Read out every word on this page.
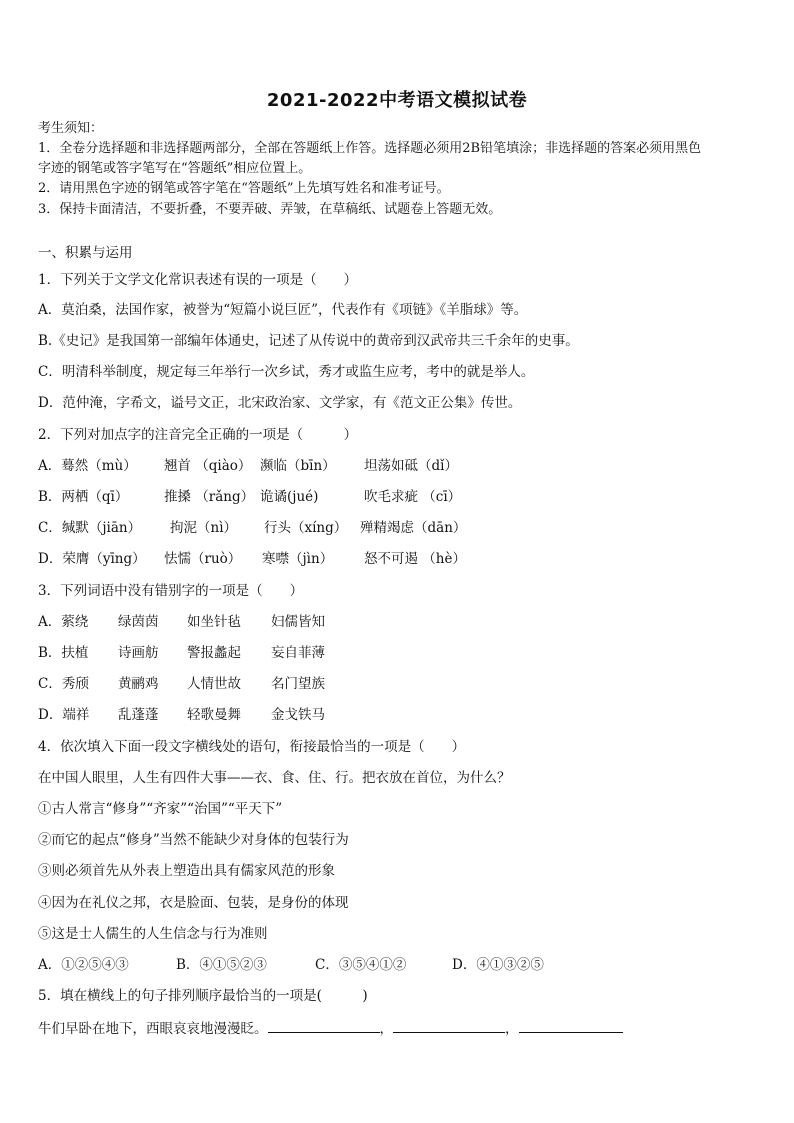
2021-2022中考语文模拟试卷
考生须知：
1．全卷分选择题和非选择题两部分，全部在答题纸上作答。选择题必须用2B铅笔填涂；非选择题的答案必须用黑色
字迹的钢笔或答字笔写在“答题纸”相应位置上。
2．请用黑色字迹的钢笔或答字笔在“答题纸”上先填写姓名和准考证号。
3．保持卡面清洁，不要折叠，不要弄破、弄皱，在草稿纸、试题卷上答题无效。
一、积累与运用
1．下列关于文学文化常识表述有误的一项是（　　）
A．莫泊桑，法国作家，被誉为“短篇小说巨匠”，代表作有《项链》《羊脂球》等。
B.《史记》是我国第一部编年体通史，记述了从传说中的黄帝到汉武帝共三千余年的史事。
C．明清科举制度，规定每三年举行一次乡试，秀才或监生应考，考中的就是举人。
D．范仲淹，字希文，谥号文正，北宋政治家、文学家，有《范文正公集》传世。
2．下列对加点字的注音完全正确的一项是（　　　）
A．蓦然（mù） 翘首 （qiào） 濒临（bīn） 坦荡如砥（dǐ）
B．两栖（qī）	推搡 （rǎng） 诡谲(jué)	吹毛求疵 （cī）
C．缄默（jiān） 拘泥（nì） 行头（xíng） 殚精竭虑（dān）
D．荣膺（yīng） 怯懦（ruò） 寒噤（jìn） 怒不可遏 （hè）
3．下列词语中没有错别字的一项是（　　）
A．萦绕 绿茵茵 如坐针毡 妇儒皆知
B．扶植 诗画舫 警报蠡起 妄自菲薄
C．秀颀 黄鹂鸡 人情世故 名门望族
D．端祥 乱蓬蓬 轻歌曼舞 金戈铁马
4．依次填入下面一段文字横线处的语句，衔接最恰当的一项是（　　）
在中国人眼里，人生有四件大事——衣、食、住、行。把衣放在首位，为什么？
①古人常言“修身”“齐家”“治国”“平天下”
②而它的起点“修身”当然不能缺少对身体的包装行为
③则必须首先从外表上塑造出具有儒家风范的形象
④因为在礼仪之邦，衣是脸面、包装，是身份的体现
⑤这是士人儒生的人生信念与行为准则
A．①②⑤④③	B．④①⑤②③	C．③⑤④①②	D．④①③②⑤
5．填在横线上的句子排列顺序最恰当的一项是(　　　)
牛们早卧在地下，西眼哀哀地漫漫眨。	，	，
